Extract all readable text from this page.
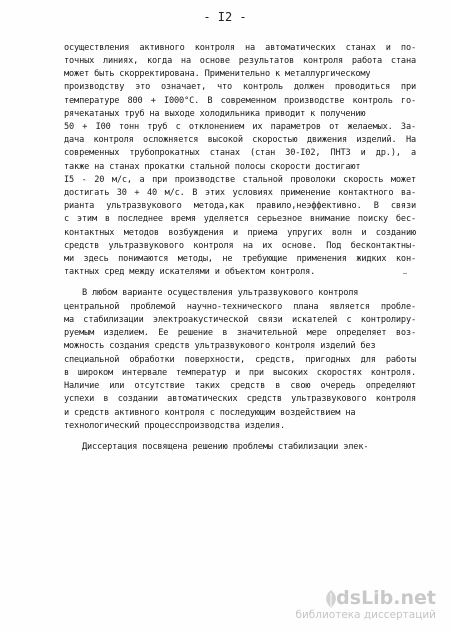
- I2 -
осуществления активного контроля на автоматических станах и по-
точных линиях, когда на основе результатов контроля работа стана
может быть скорректирована. Применительно к металлургическому
производству это означает, что контроль должен проводиться при
температуре 800 + I000°С. В современном производстве контроль го-
рячекатаных труб на выходе холодильника приводит к получению
50 + I00 тонн труб с отклонением их параметров от желаемых. За-
дача контроля осложняется высокой скоростью движения изделий. На
современных трубопрокатных станах (стан 30-I02, ПНТЗ и др.), а
также на станах прокатки стальной полосы скорости достигают
I5 - 20 м/с, а при производстве стальной проволоки скорость может
достигать 30 + 40 м/с. В этих условиях применение контактного ва-
рианта ультразвукового метода,как правило,неэффективно. В связи
с этим в последнее время уделяется серьезное внимание поиску бес-
контактных методов возбуждения и приема упругих волн и созданию
средств ультразвукового контроля на их основе. Под бесконтактны-
ми здесь понимаются методы, не требующие применения жидких кон-
тактных сред между искателями и объектом контроля.
В любом варианте осуществления ультразвукового контроля
центральной проблемой научно-технического плана является пробле-
ма стабилизации электроакустической связи искателей с контролиру-
руемым изделием. Ее решение в значительной мере определяет воз-
можность создания средств ультразвукового контроля изделий без
специальной обработки поверхности, средств, пригодных для работы
в широком интервале температур и при высоких скоростях контроля.
Наличие или отсутствие таких средств в свою очередь определяют
успехи в создании автоматических средств ультразвукового контроля
и средств активного контроля с последующим воздействием на
технологический процесспроизводства изделия.
Диссертация посвящена решению проблемы стабилизации элек-
dsLib.net
библиотека диссертаций
